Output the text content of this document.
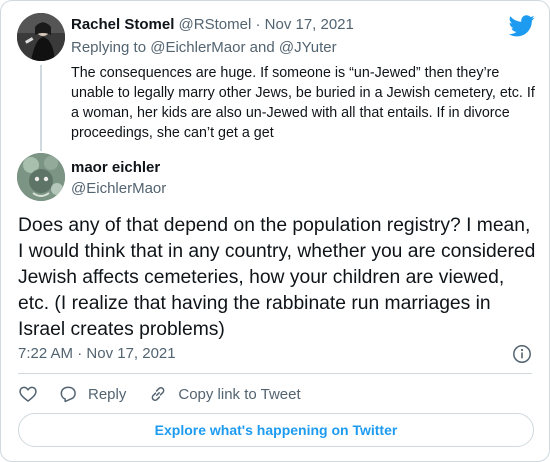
Rachel Stomel @RStomel · Nov 17, 2021
Replying to @EichlerMaor and @JYuter
The consequences are huge. If someone is “un-Jewed” then they’re unable to legally marry other Jews, be buried in a Jewish cemetery, etc. If a woman, her kids are also un-Jewed with all that entails. If in divorce proceedings, she can’t get a get
maor eichler
@EichlerMaor
Does any of that depend on the population registry? I mean, I would think that in any country, whether you are considered Jewish affects cemeteries, how your children are viewed, etc. (I realize that having the rabbinate run marriages in Israel creates problems)
7:22 AM · Nov 17, 2021
Reply	Copy link to Tweet
Explore what's happening on Twitter
